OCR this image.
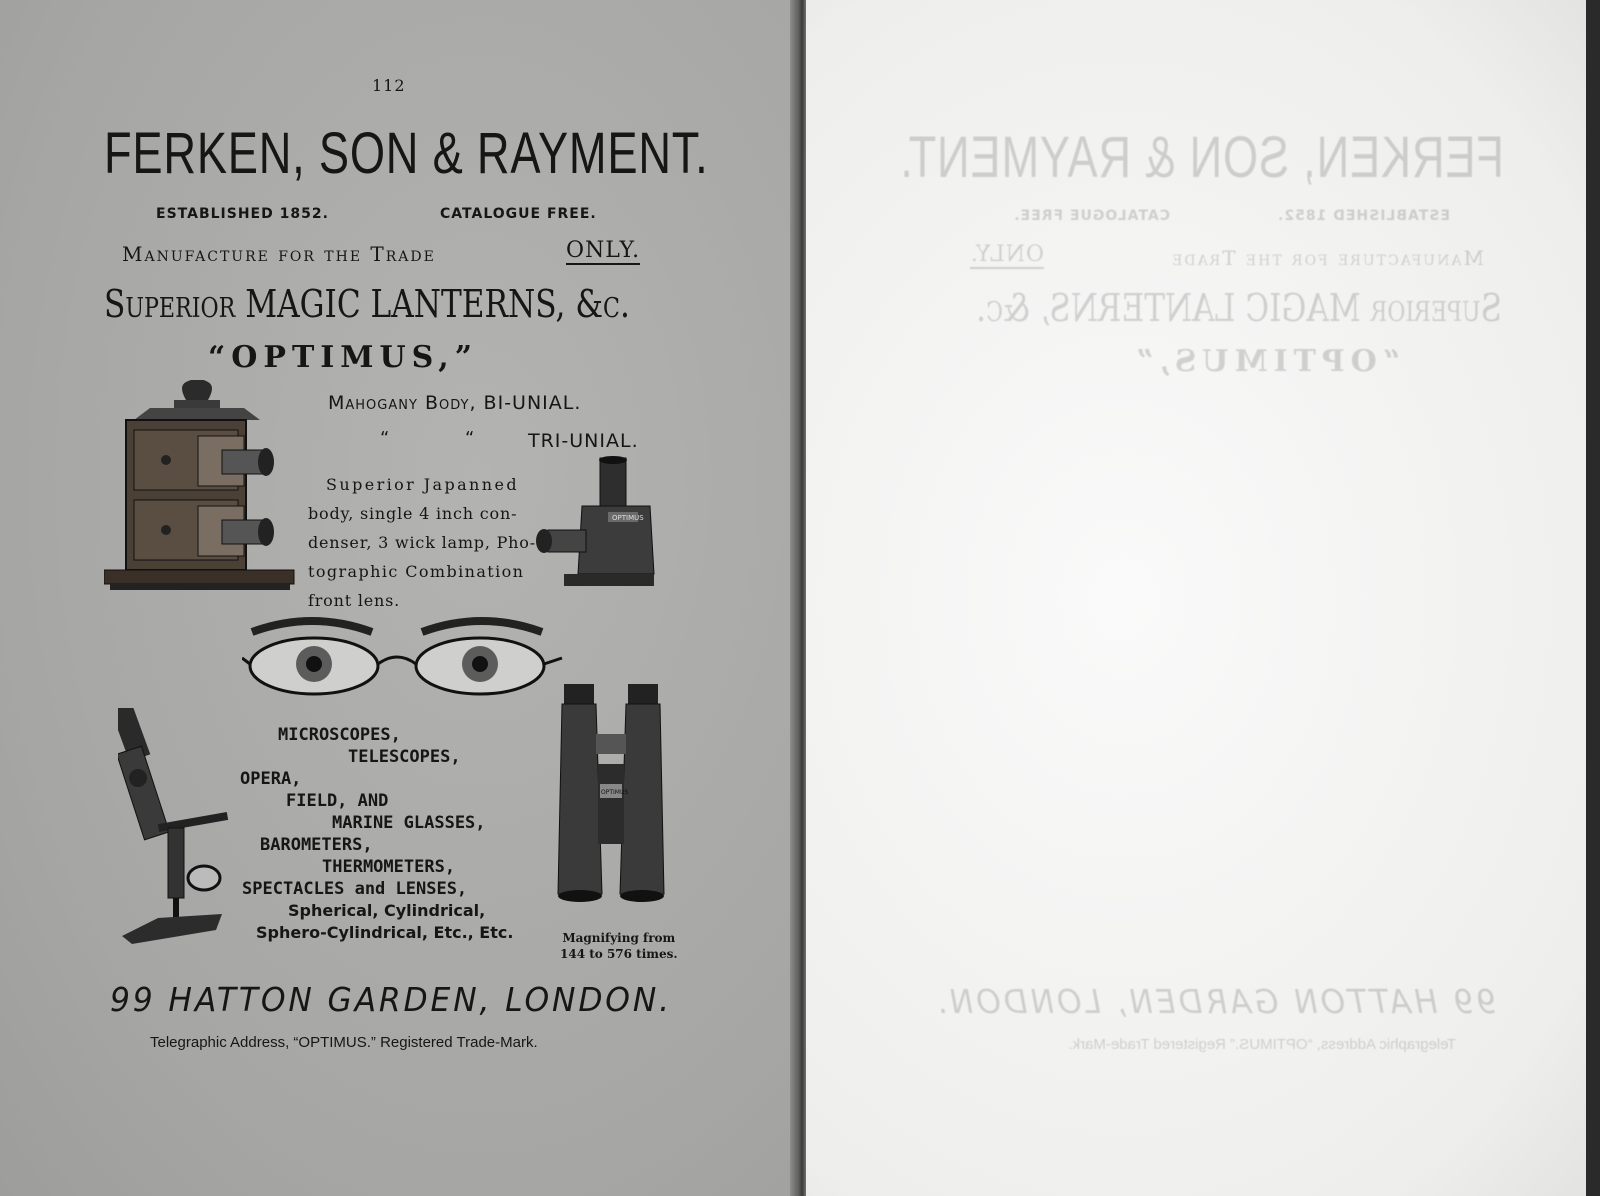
112
FERKEN, SON & RAYMENT.
ESTABLISHED 1852.	CATALOGUE FREE.
Manufacture for the Trade	ONLY.
Superior MAGIC LANTERNS, &c.
“OPTIMUS,”
Mahogany Body, BI-UNIAL.
“ “	TRI-UNIAL.
Superior Japanned
body, single 4 inch con-
denser, 3 wick lamp, Pho-
tographic Combination
front lens.
OPTIMUS
OPTIMUS
MICROSCOPES,
TELESCOPES,
OPERA,
FIELD, AND
MARINE GLASSES,
BAROMETERS,
THERMOMETERS,
SPECTACLES and LENSES,
Spherical, Cylindrical,
Sphero-Cylindrical, Etc., Etc.	Magnifying from
144 to 576 times.
99 HATTON GARDEN, LONDON.
Telegraphic Address, “OPTIMUS.” Registered Trade-Mark.
FERKEN, SON & RAYMENT.
ESTABLISHED 1852.
CATALOGUE FREE.
Manufacture for the Trade
ONLY.
Superior MAGIC LANTERNS, &c.
“OPTIMUS,”
99 HATTON GARDEN, LONDON.
Telegraphic Address, “OPTIMUS.” Registered Trade-Mark.
